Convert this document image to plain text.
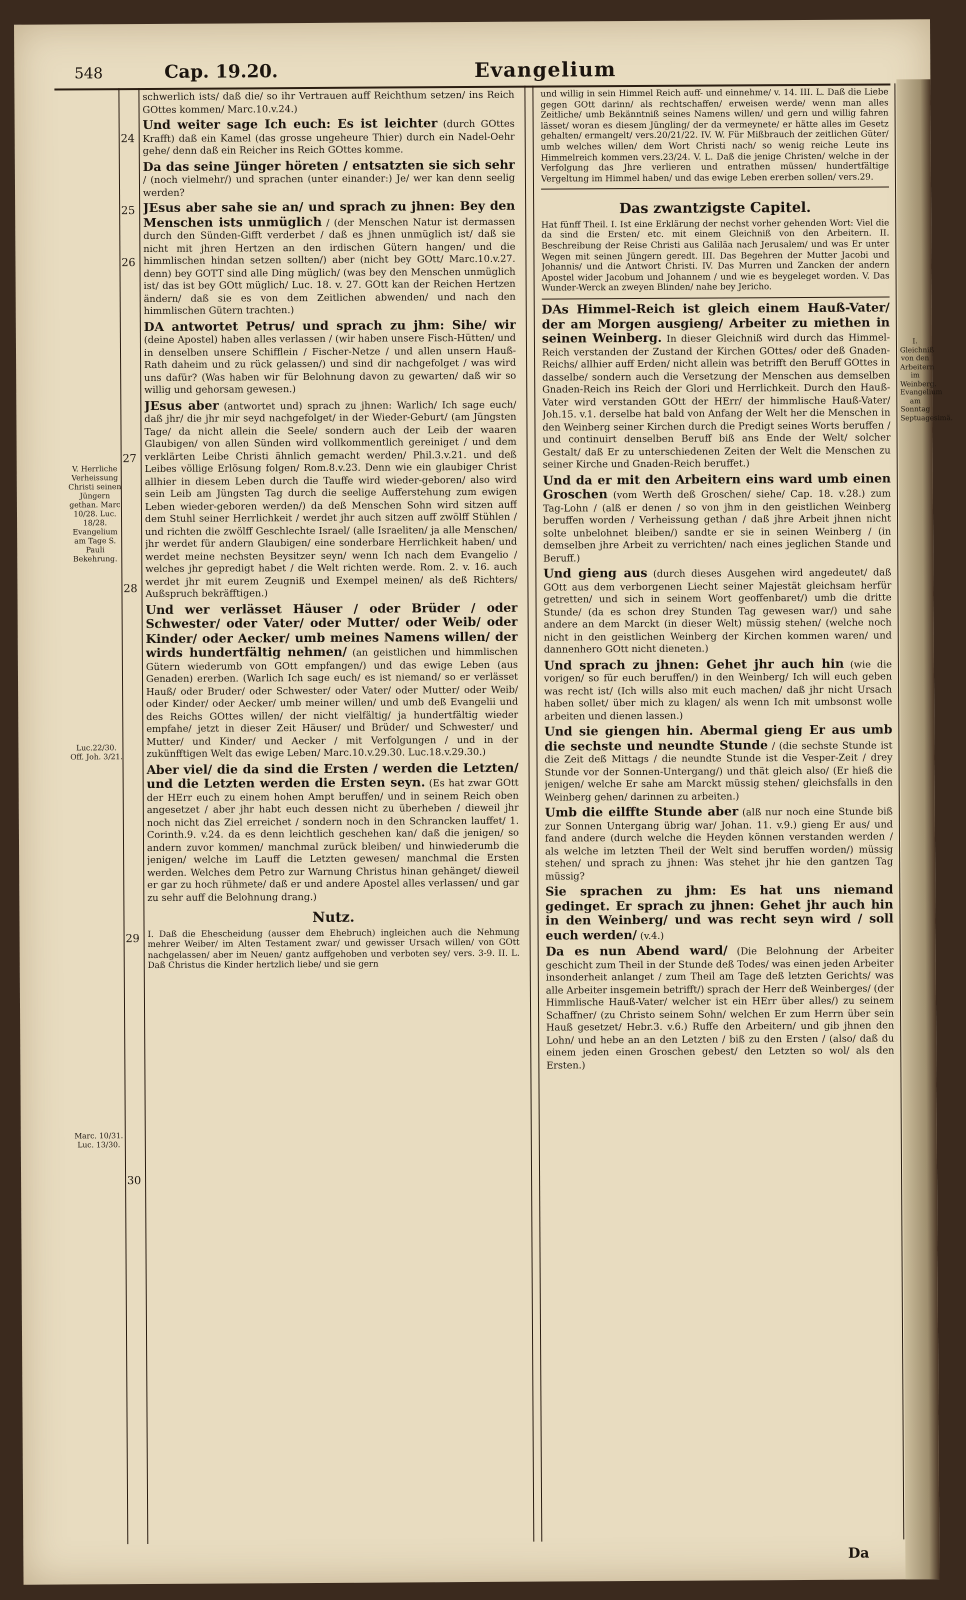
548	Cap. 19.20.	Evangelium
V. Herrliche Verheissung Christi seinen Jüngern gethan. Marc 10/28. Luc. 18/28. Evangelium am Tage S. Pauli Bekehrung.
Luc.22/30. Off. Joh. 3/21.
Marc. 10/31. Luc. 13/30.
24
25
26
27
28
29
30

schwerlich ists/ daß die/ so ihr Vertrauen auff Reichthum setzen/ ins Reich GOttes kommen/ Marc.10.v.24.)

Und weiter sage Ich euch: Es ist leichter (durch GOttes Krafft) daß ein Kamel (das grosse ungeheure Thier) durch ein Nadel-Oehr gehe/ denn daß ein Reicher ins Reich GOttes komme.

Da das seine Jünger höreten / entsatzten sie sich sehr / (noch vielmehr/) und sprachen (unter einander:) Je/ wer kan denn seelig werden?

JEsus aber sahe sie an/ und sprach zu jhnen: Bey den Menschen ists unmüglich / (der Menschen Natur ist dermassen durch den Sünden-Gifft verderbet / daß es jhnen unmüglich ist/ daß sie nicht mit jhren Hertzen an den irdischen Gütern hangen/ und die himmlischen hindan setzen sollten/) aber (nicht bey GOtt/ Marc.10.v.27. denn) bey GOTT sind alle Ding müglich/ (was bey den Menschen unmüglich ist/ das ist bey GOtt müglich/ Luc. 18. v. 27. GOtt kan der Reichen Hertzen ändern/ daß sie es von dem Zeitlichen abwenden/ und nach den himmlischen Gütern trachten.)

DA antwortet Petrus/ und sprach zu jhm: Sihe/ wir (deine Apostel) haben alles verlassen / (wir haben unsere Fisch-Hütten/ und in denselben unsere Schifflein / Fischer-Netze / und allen unsern Hauß-Rath daheim und zu rück gelassen/) und sind dir nachgefolget / was wird uns dafür? (Was haben wir für Belohnung davon zu gewarten/ daß wir so willig und gehorsam gewesen.)

JEsus aber (antwortet und) sprach zu jhnen: Warlich/ Ich sage euch/ daß jhr/ die jhr mir seyd nachgefolget/ in der Wieder-Geburt/ (am Jüngsten Tage/ da nicht allein die Seele/ sondern auch der Leib der waaren Glaubigen/ von allen Sünden wird vollkommentlich gereiniget / und dem verklärten Leibe Christi ähnlich gemacht werden/ Phil.3.v.21. und deß Leibes völlige Erlösung folgen/ Rom.8.v.23. Denn wie ein glaubiger Christ allhier in diesem Leben durch die Tauffe wird wieder-geboren/ also wird sein Leib am Jüngsten Tag durch die seelige Aufferstehung zum ewigen Leben wieder-geboren werden/) da deß Menschen Sohn wird sitzen auff dem Stuhl seiner Herrlichkeit / werdet jhr auch sitzen auff zwölff Stühlen / und richten die zwölff Geschlechte Israel/ (alle Israeliten/ ja alle Menschen/ jhr werdet für andern Glaubigen/ eine sonderbare Herrlichkeit haben/ und werdet meine nechsten Beysitzer seyn/ wenn Ich nach dem Evangelio / welches jhr gepredigt habet / die Welt richten werde. Rom. 2. v. 16. auch werdet jhr mit eurem Zeugniß und Exempel meinen/ als deß Richters/ Außspruch bekräfftigen.)

Und wer verlässet Häuser / oder Brüder / oder Schwester/ oder Vater/ oder Mutter/ oder Weib/ oder Kinder/ oder Aecker/ umb meines Namens willen/ der wirds hundertfältig nehmen/ (an geistlichen und himmlischen Gütern wiederumb von GOtt empfangen/) und das ewige Leben (aus Genaden) ererben. (Warlich Ich sage euch/ es ist niemand/ so er verlässet Hauß/ oder Bruder/ oder Schwester/ oder Vater/ oder Mutter/ oder Weib/ oder Kinder/ oder Aecker/ umb meiner willen/ und umb deß Evangelii und des Reichs GOttes willen/ der nicht vielfältig/ ja hundertfältig wieder empfahe/ jetzt in dieser Zeit Häuser/ und Brüder/ und Schwester/ und Mutter/ und Kinder/ und Aecker / mit Verfolgungen / und in der zukünfftigen Welt das ewige Leben/ Marc.10.v.29.30. Luc.18.v.29.30.)

Aber viel/ die da sind die Ersten / werden die Letzten/ und die Letzten werden die Ersten seyn. (Es hat zwar GOtt der HErr euch zu einem hohen Ampt beruffen/ und in seinem Reich oben angesetzet / aber jhr habt euch dessen nicht zu überheben / dieweil jhr noch nicht das Ziel erreichet / sondern noch in den Schrancken lauffet/ 1. Corinth.9. v.24. da es denn leichtlich geschehen kan/ daß die jenigen/ so andern zuvor kommen/ manchmal zurück bleiben/ und hinwiederumb die jenigen/ welche im Lauff die Letzten gewesen/ manchmal die Ersten werden. Welches dem Petro zur Warnung Christus hinan gehänget/ dieweil er gar zu hoch rühmete/ daß er und andere Apostel alles verlassen/ und gar zu sehr auff die Belohnung drang.)

Nutz.

I. Daß die Ehescheidung (ausser dem Ehebruch) ingleichen auch die Nehmung mehrer Weiber/ im Alten Testament zwar/ und gewisser Ursach willen/ von GOtt nachgelassen/ aber im Neuen/ gantz auffgehoben und verboten sey/ vers. 3-9. II. L. Daß Christus die Kinder hertzlich liebe/ und sie gern

und willig in sein Himmel Reich auff- und einnehme/ v. 14. III. L. Daß die Liebe gegen GOtt darinn/ als rechtschaffen/ erweisen werde/ wenn man alles Zeitliche/ umb Bekänntniß seines Namens willen/ und gern und willig fahren lässet/ woran es diesem Jüngling/ der da vermeynete/ er hätte alles im Gesetz gehalten/ ermangelt/ vers.20/21/22. IV. W. Für Mißbrauch der zeitlichen Güter/ umb welches willen/ dem Wort Christi nach/ so wenig reiche Leute ins Himmelreich kommen vers.23/24. V. L. Daß die jenige Christen/ welche in der Verfolgung das Jhre verlieren und entrathen müssen/ hundertfältige Vergeltung im Himmel haben/ und das ewige Leben ererben sollen/ vers.29.
Das zwantzigste Capitel.
Hat fünff Theil. I. Ist eine Erklärung der nechst vorher gehenden Wort: Viel die da sind die Ersten/ etc. mit einem Gleichniß von den Arbeitern. II. Beschreibung der Reise Christi aus Galiläa nach Jerusalem/ und was Er unter Wegen mit seinen Jüngern geredt. III. Das Begehren der Mutter Jacobi und Johannis/ und die Antwort Christi. IV. Das Murren und Zancken der andern Apostel wider Jacobum und Johannem / und wie es beygeleget worden. V. Das Wunder-Werck an zweyen Blinden/ nahe bey Jericho.

DAs Himmel-Reich ist gleich einem Hauß-Vater/ der am Morgen ausgieng/ Arbeiter zu miethen in seinen Weinberg. In dieser Gleichniß wird durch das Himmel-Reich verstanden der Zustand der Kirchen GOttes/ oder deß Gnaden-Reichs/ allhier auff Erden/ nicht allein was betrifft den Beruff GOttes in dasselbe/ sondern auch die Versetzung der Menschen aus demselben Gnaden-Reich ins Reich der Glori und Herrlichkeit. Durch den Hauß-Vater wird verstanden GOtt der HErr/ der himmlische Hauß-Vater/ Joh.15. v.1. derselbe hat bald von Anfang der Welt her die Menschen in den Weinberg seiner Kirchen durch die Predigt seines Worts beruffen / und continuirt denselben Beruff biß ans Ende der Welt/ solcher Gestalt/ daß Er zu unterschiedenen Zeiten der Welt die Menschen zu seiner Kirche und Gnaden-Reich beruffet.)

Und da er mit den Arbeitern eins ward umb einen Groschen (vom Werth deß Groschen/ siehe/ Cap. 18. v.28.) zum Tag-Lohn / (alß er denen / so von jhm in den geistlichen Weinberg beruffen worden / Verheissung gethan / daß jhre Arbeit jhnen nicht solte unbelohnet bleiben/) sandte er sie in seinen Weinberg / (in demselben jhre Arbeit zu verrichten/ nach eines jeglichen Stande und Beruff.)

Und gieng aus (durch dieses Ausgehen wird angedeutet/ daß GOtt aus dem verborgenen Liecht seiner Majestät gleichsam herfür getretten/ und sich in seinem Wort geoffenbaret/) umb die dritte Stunde/ (da es schon drey Stunden Tag gewesen war/) und sahe andere an dem Marckt (in dieser Welt) müssig stehen/ (welche noch nicht in den geistlichen Weinberg der Kirchen kommen waren/ und dannenhero GOtt nicht dieneten.)

Und sprach zu jhnen: Gehet jhr auch hin (wie die vorigen/ so für euch beruffen/) in den Weinberg/ Ich will euch geben was recht ist/ (Ich wills also mit euch machen/ daß jhr nicht Ursach haben sollet/ über mich zu klagen/ als wenn Ich mit umbsonst wolle arbeiten und dienen lassen.)

Und sie giengen hin. Abermal gieng Er aus umb die sechste und neundte Stunde / (die sechste Stunde ist die Zeit deß Mittags / die neundte Stunde ist die Vesper-Zeit / drey Stunde vor der Sonnen-Untergang/) und thät gleich also/ (Er hieß die jenigen/ welche Er sahe am Marckt müssig stehen/ gleichsfalls in den Weinberg gehen/ darinnen zu arbeiten.)

Umb die eilffte Stunde aber (alß nur noch eine Stunde biß zur Sonnen Untergang übrig war/ Johan. 11. v.9.) gieng Er aus/ und fand andere (durch welche die Heyden können verstanden werden / als welche im letzten Theil der Welt sind beruffen worden/) müssig stehen/ und sprach zu jhnen: Was stehet jhr hie den gantzen Tag müssig?

Sie sprachen zu jhm: Es hat uns niemand gedinget. Er sprach zu jhnen: Gehet jhr auch hin in den Weinberg/ und was recht seyn wird / soll euch werden/ (v.4.)

Da es nun Abend ward/ (Die Belohnung der Arbeiter geschicht zum Theil in der Stunde deß Todes/ was einen jeden Arbeiter insonderheit anlanget / zum Theil am Tage deß letzten Gerichts/ was alle Arbeiter insgemein betrifft/) sprach der Herr deß Weinberges/ (der Himmlische Hauß-Vater/ welcher ist ein HErr über alles/) zu seinem Schaffner/ (zu Christo seinem Sohn/ welchen Er zum Herrn über sein Hauß gesetzet/ Hebr.3. v.6.) Ruffe den Arbeitern/ und gib jhnen den Lohn/ und hebe an an den Letzten / biß zu den Ersten / (also/ daß du einem jeden einen Groschen gebest/ den Letzten so wol/ als den Ersten.)

I. Gleichniß von den Arbeitern im Weinberg. Evangelium am Sonntag Septuagesimä.
Da
